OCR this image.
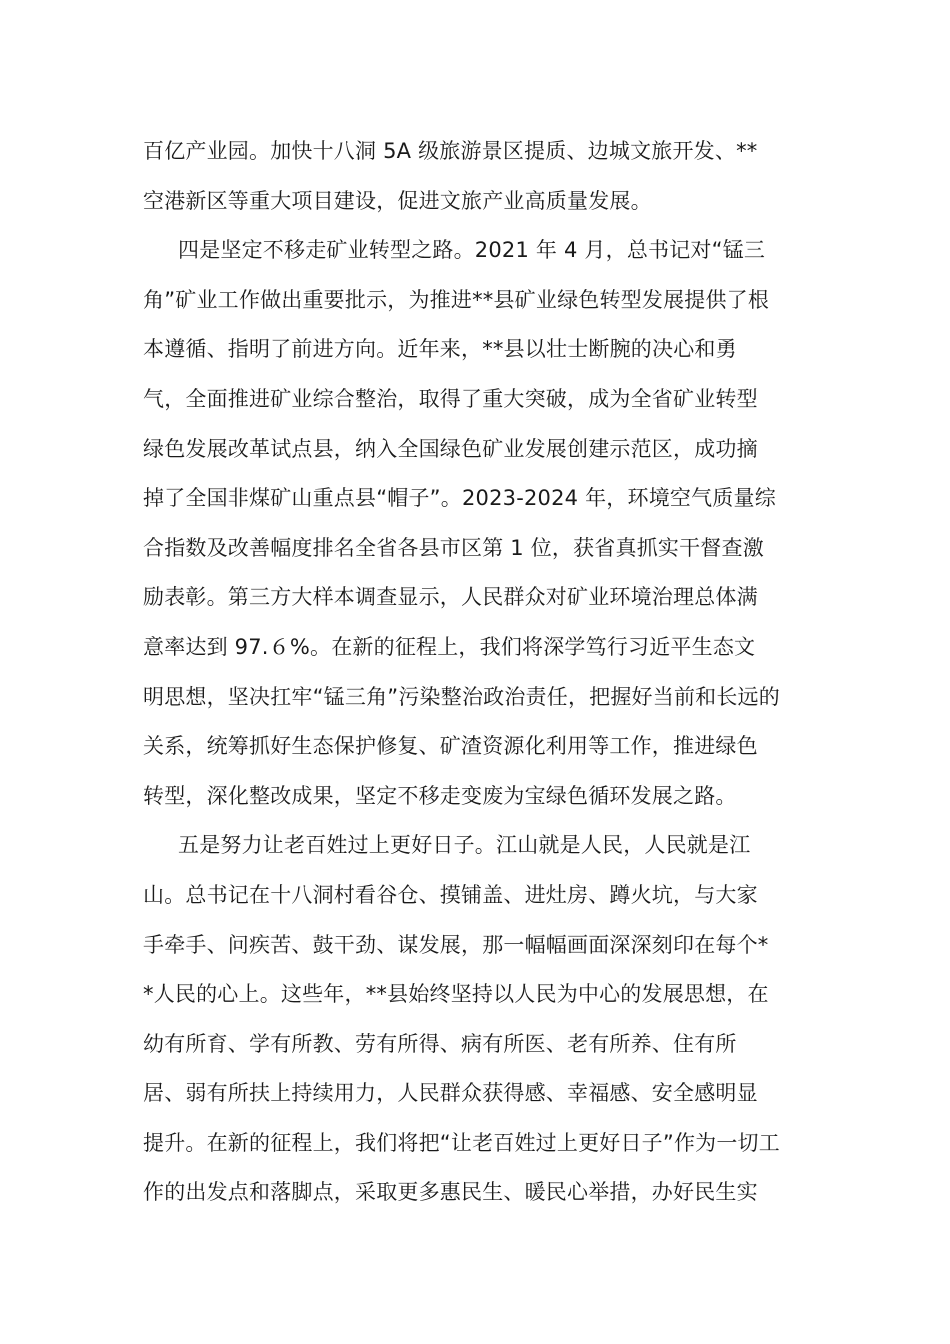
百亿产业园。加快十八洞 5A 级旅游景区提质、边城文旅开发、**
空港新区等重大项目建设，促进文旅产业高质量发展。
四是坚定不移走矿业转型之路。2021 年 4 月，总书记对“锰三
角”矿业工作做出重要批示，为推进**县矿业绿色转型发展提供了根
本遵循、指明了前进方向。近年来，**县以壮士断腕的决心和勇
气，全面推进矿业综合整治，取得了重大突破，成为全省矿业转型
绿色发展改革试点县，纳入全国绿色矿业发展创建示范区，成功摘
掉了全国非煤矿山重点县“帽子”。2023-2024 年，环境空气质量综
合指数及改善幅度排名全省各县市区第 1 位，获省真抓实干督查激
励表彰。第三方大样本调查显示，人民群众对矿业环境治理总体满
意率达到 97.６%。在新的征程上，我们将深学笃行习近平生态文
明思想，坚决扛牢“锰三角”污染整治政治责任，把握好当前和长远的
关系，统筹抓好生态保护修复、矿渣资源化利用等工作，推进绿色
转型，深化整改成果，坚定不移走变废为宝绿色循环发展之路。
五是努力让老百姓过上更好日子。江山就是人民，人民就是江
山。总书记在十八洞村看谷仓、摸铺盖、进灶房、蹲火坑，与大家
手牵手、问疾苦、鼓干劲、谋发展，那一幅幅画面深深刻印在每个*
*人民的心上。这些年，**县始终坚持以人民为中心的发展思想，在
幼有所育、学有所教、劳有所得、病有所医、老有所养、住有所
居、弱有所扶上持续用力，人民群众获得感、幸福感、安全感明显
提升。在新的征程上，我们将把“让老百姓过上更好日子”作为一切工
作的出发点和落脚点，采取更多惠民生、暖民心举措，办好民生实
